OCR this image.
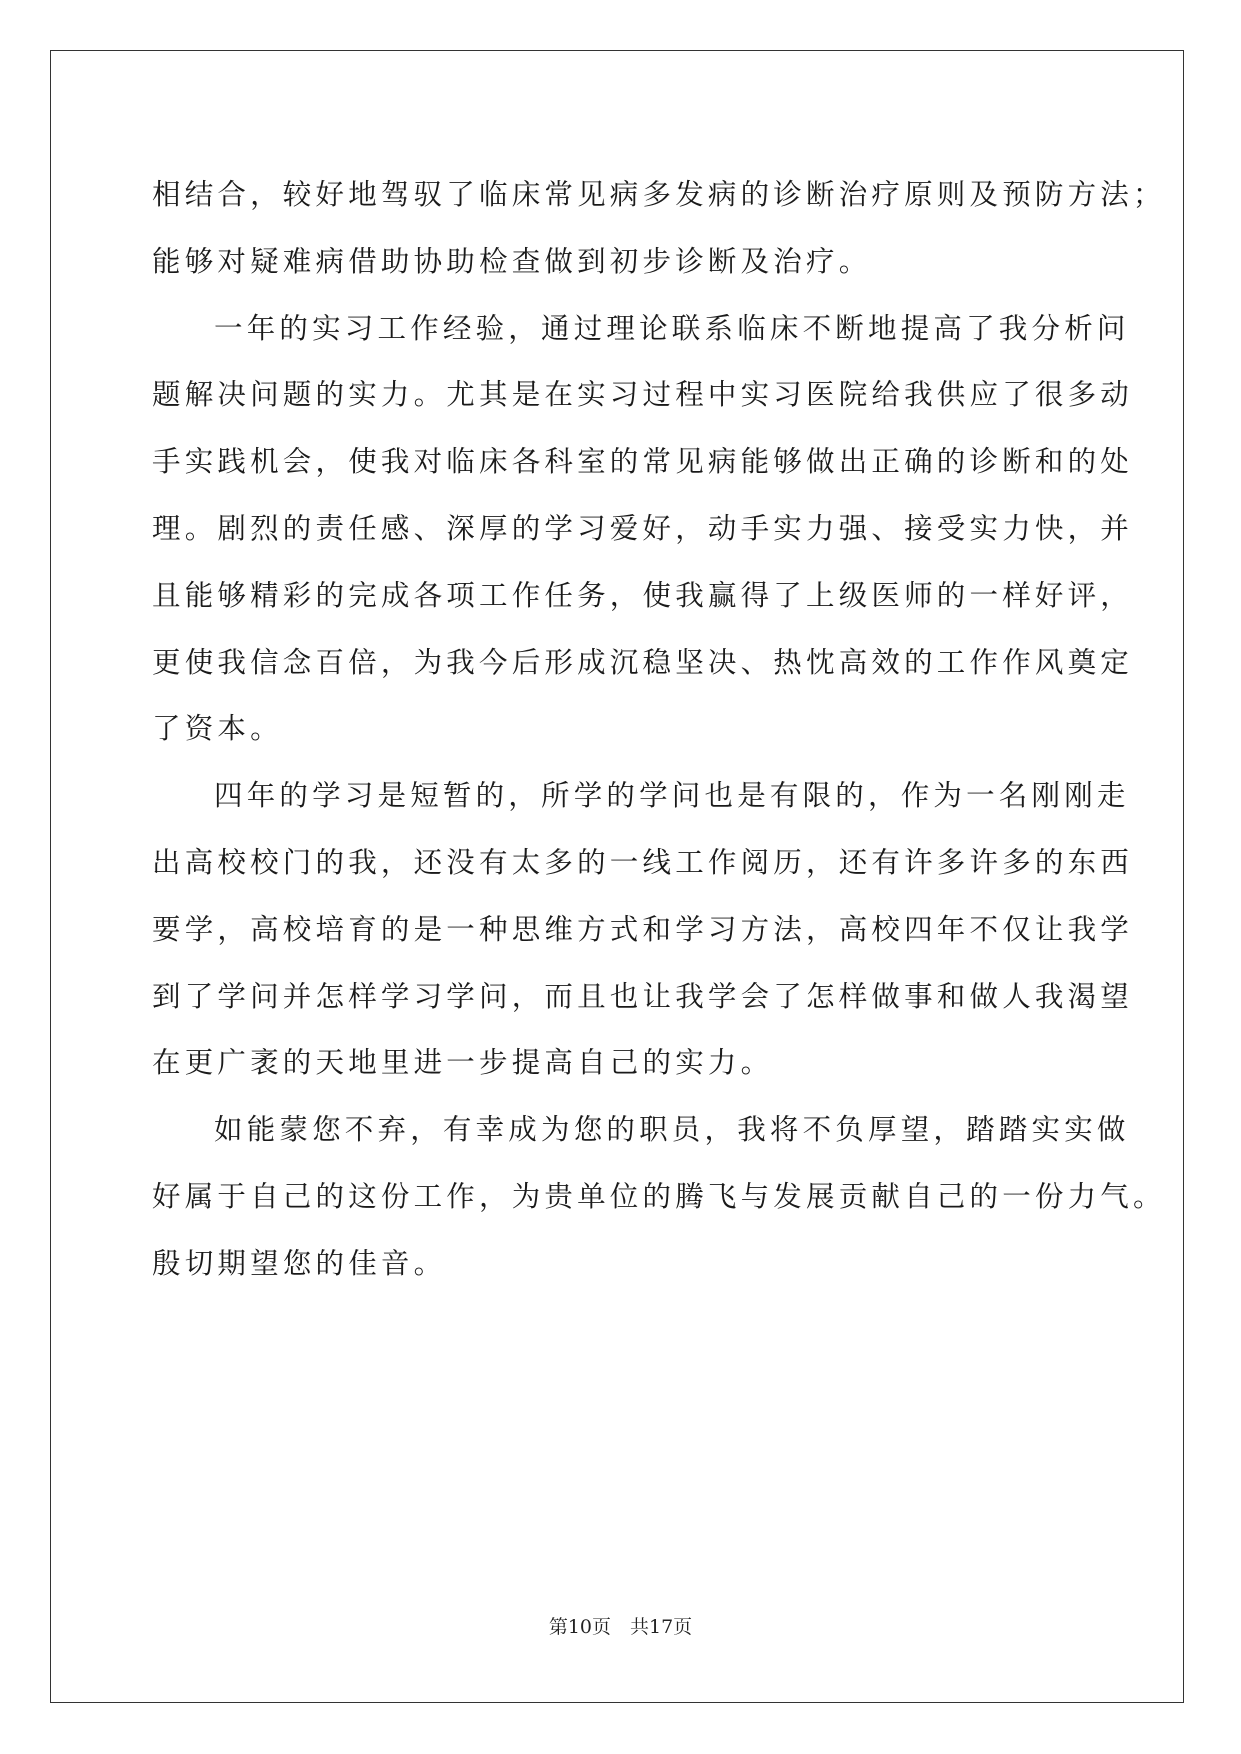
相结合，较好地驾驭了临床常见病多发病的诊断治疗原则及预防方法；
能够对疑难病借助协助检查做到初步诊断及治疗。
一年的实习工作经验，通过理论联系临床不断地提高了我分析问
题解决问题的实力。尤其是在实习过程中实习医院给我供应了很多动
手实践机会，使我对临床各科室的常见病能够做出正确的诊断和的处
理。剧烈的责任感、深厚的学习爱好，动手实力强、接受实力快，并
且能够精彩的完成各项工作任务，使我赢得了上级医师的一样好评，
更使我信念百倍，为我今后形成沉稳坚决、热忱高效的工作作风奠定
了资本。
四年的学习是短暂的，所学的学问也是有限的，作为一名刚刚走
出高校校门的我，还没有太多的一线工作阅历，还有许多许多的东西
要学，高校培育的是一种思维方式和学习方法，高校四年不仅让我学
到了学问并怎样学习学问，而且也让我学会了怎样做事和做人我渴望
在更广袤的天地里进一步提高自己的实力。
如能蒙您不弃，有幸成为您的职员，我将不负厚望，踏踏实实做
好属于自己的这份工作，为贵单位的腾飞与发展贡献自己的一份力气。
殷切期望您的佳音。
第10页　共17页
